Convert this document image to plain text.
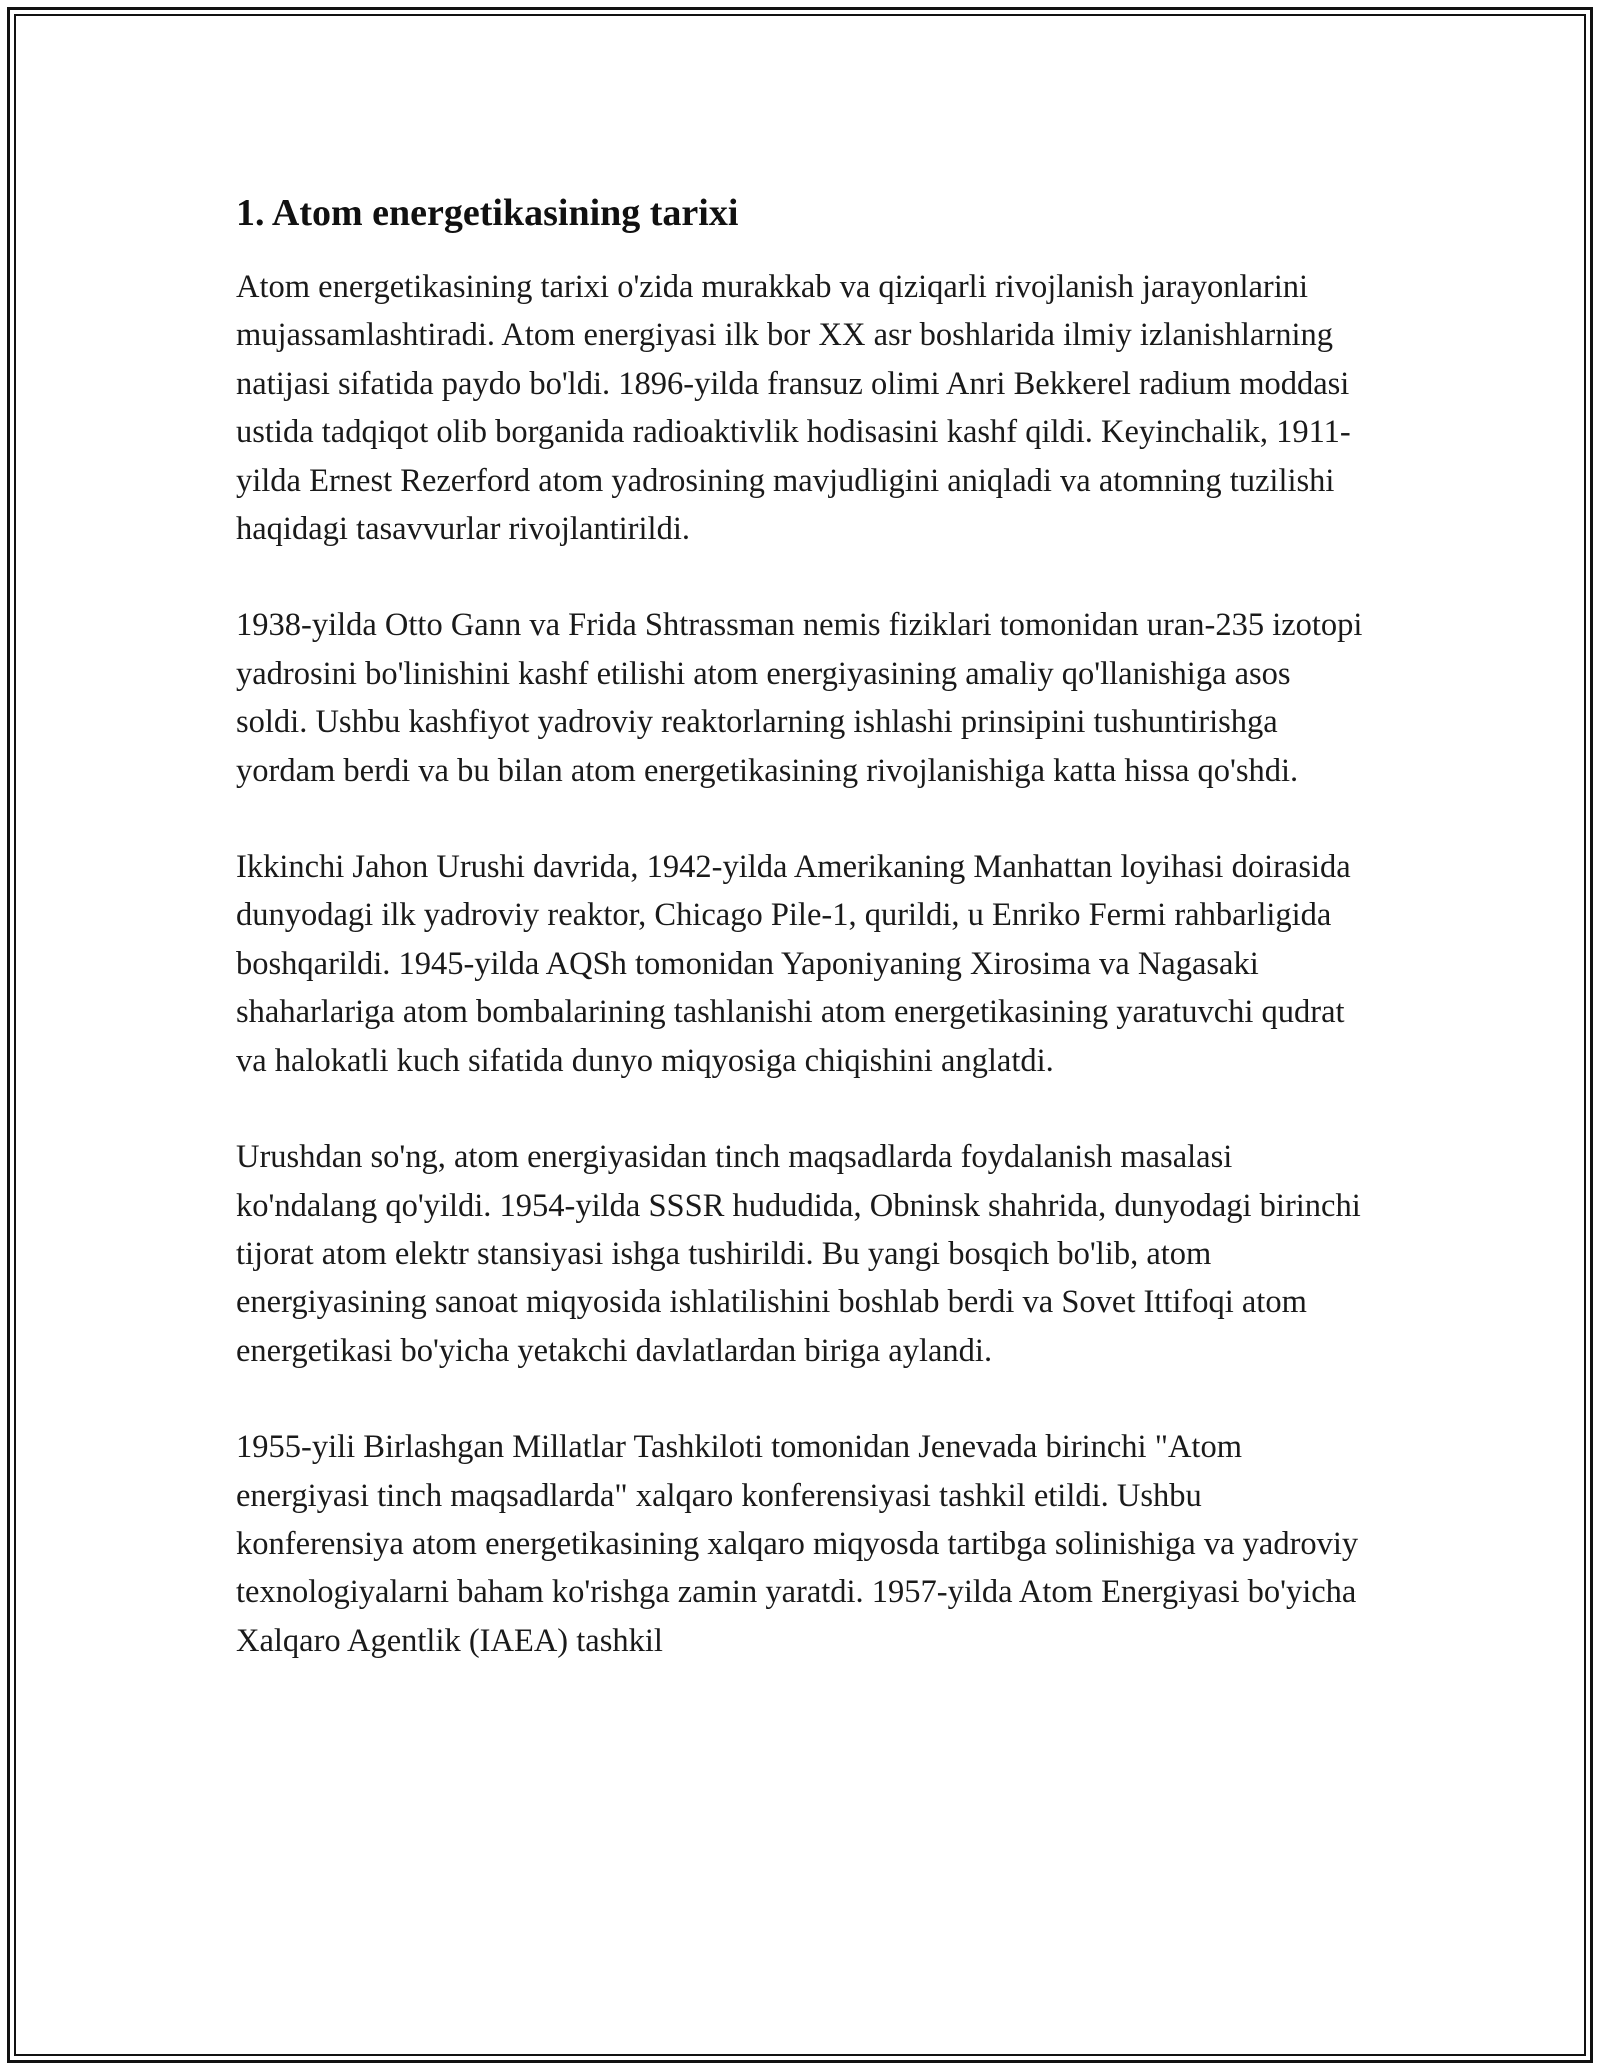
1. Atom energetikasining tarixi

Atom energetikasining tarixi o'zida murakkab va qiziqarli rivojlanish jarayonlarini mujassamlashtiradi. Atom energiyasi ilk bor XX asr boshlarida ilmiy izlanishlarning natijasi sifatida paydo bo'ldi. 1896-yilda fransuz olimi Anri Bekkerel radium moddasi ustida tadqiqot olib borganida radioaktivlik hodisasini kashf qildi. Keyinchalik, 1911-yilda Ernest Rezerford atom yadrosining mavjudligini aniqladi va atomning tuzilishi haqidagi tasavvurlar rivojlantirildi.

1938-yilda Otto Gann va Frida Shtrassman nemis fiziklari tomonidan uran-235 izotopi yadrosini bo'linishini kashf etilishi atom energiyasining amaliy qo'llanishiga asos soldi. Ushbu kashfiyot yadroviy reaktorlarning ishlashi prinsipini tushuntirishga yordam berdi va bu bilan atom energetikasining rivojlanishiga katta hissa qo'shdi.

Ikkinchi Jahon Urushi davrida, 1942-yilda Amerikaning Manhattan loyihasi doirasida dunyodagi ilk yadroviy reaktor, Chicago Pile-1, qurildi, u Enriko Fermi rahbarligida boshqarildi. 1945-yilda AQSh tomonidan Yaponiyaning Xirosima va Nagasaki shaharlariga atom bombalarining tashlanishi atom energetikasining yaratuvchi qudrat va halokatli kuch sifatida dunyo miqyosiga chiqishini anglatdi.

Urushdan so'ng, atom energiyasidan tinch maqsadlarda foydalanish masalasi ko'ndalang qo'yildi. 1954-yilda SSSR hududida, Obninsk shahrida, dunyodagi birinchi tijorat atom elektr stansiyasi ishga tushirildi. Bu yangi bosqich bo'lib, atom energiyasining sanoat miqyosida ishlatilishini boshlab berdi va Sovet Ittifoqi atom energetikasi bo'yicha yetakchi davlatlardan biriga aylandi.

1955-yili Birlashgan Millatlar Tashkiloti tomonidan Jenevada birinchi "Atom energiyasi tinch maqsadlarda" xalqaro konferensiyasi tashkil etildi. Ushbu konferensiya atom energetikasining xalqaro miqyosda tartibga solinishiga va yadroviy texnologiyalarni baham ko'rishga zamin yaratdi. 1957-yilda Atom Energiyasi bo'yicha Xalqaro Agentlik (IAEA) tashkil
